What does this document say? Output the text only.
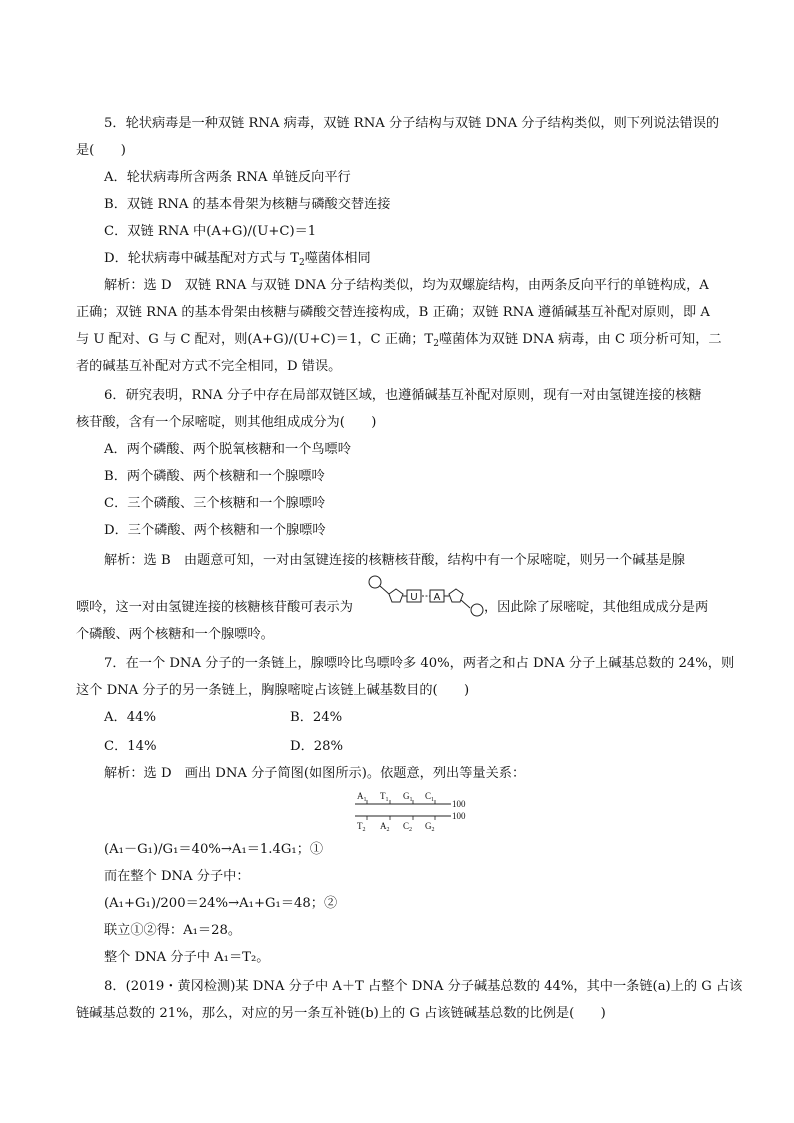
5．轮状病毒是一种双链 RNA 病毒，双链 RNA 分子结构与双链 DNA 分子结构类似，则下列说法错误的
是(　　)
A．轮状病毒所含两条 RNA 单链反向平行
B．双链 RNA 的基本骨架为核糖与磷酸交替连接
C．双链 RNA 中(A+G)/(U+C)＝1
D．轮状病毒中碱基配对方式与 $T_2$噬菌体相同
解析：选 D　双链 RNA 与双链 DNA 分子结构类似，均为双螺旋结构，由两条反向平行的单链构成，A
正确；双链 RNA 的基本骨架由核糖与磷酸交替连接构成，B 正确；双链 RNA 遵循碱基互补配对原则，即 A
与 U 配对、G 与 C 配对，则(A+G)/(U+C)＝1，C 正确；$T_2$噬菌体为双链 DNA 病毒，由 C 项分析可知，二
者的碱基互补配对方式不完全相同，D 错误。
6．研究表明，RNA 分子中存在局部双链区域，也遵循碱基互补配对原则，现有一对由氢键连接的核糖
核苷酸，含有一个尿嘧啶，则其他组成成分为(　　)
A．两个磷酸、两个脱氧核糖和一个鸟嘌呤
B．两个磷酸、两个核糖和一个腺嘌呤
C．三个磷酸、三个核糖和一个腺嘌呤
D．三个磷酸、两个核糖和一个腺嘌呤
解析：选 B　由题意可知，一对由氢键连接的核糖核苷酸，结构中有一个尿嘧啶，则另一个碱基是腺
嘌呤，这一对由氢键连接的核糖核苷酸可表示为
U A
，因此除了尿嘧啶，其他组成成分是两
个磷酸、两个核糖和一个腺嘌呤。
7．在一个 DNA 分子的一条链上，腺嘌呤比鸟嘌呤多 40%，两者之和占 DNA 分子上碱基总数的 24%，则
这个 DNA 分子的另一条链上，胸腺嘧啶占该链上碱基数目的(　　)
A．44%	B．24%
C．14%	D．28%
解析：选 D　画出 DNA 分子简图(如图所示)。依题意，列出等量关系：
$A_1$ $T_1$ $G_1$ $C_1$ 100
100
$T_2$ $A_2$ $C_2$ $G_2$
(A₁－G₁)/G₁＝40%→A₁＝1.4G₁；①
而在整个 DNA 分子中：
(A₁+G₁)/200＝24%→A₁+G₁＝48；②
联立①②得：A₁＝28。
整个 DNA 分子中 A₁＝T₂。
8．(2019・黄冈检测)某 DNA 分子中 A＋T 占整个 DNA 分子碱基总数的 44%，其中一条链(a)上的 G 占该
链碱基总数的 21%，那么，对应的另一条互补链(b)上的 G 占该链碱基总数的比例是(　　)
